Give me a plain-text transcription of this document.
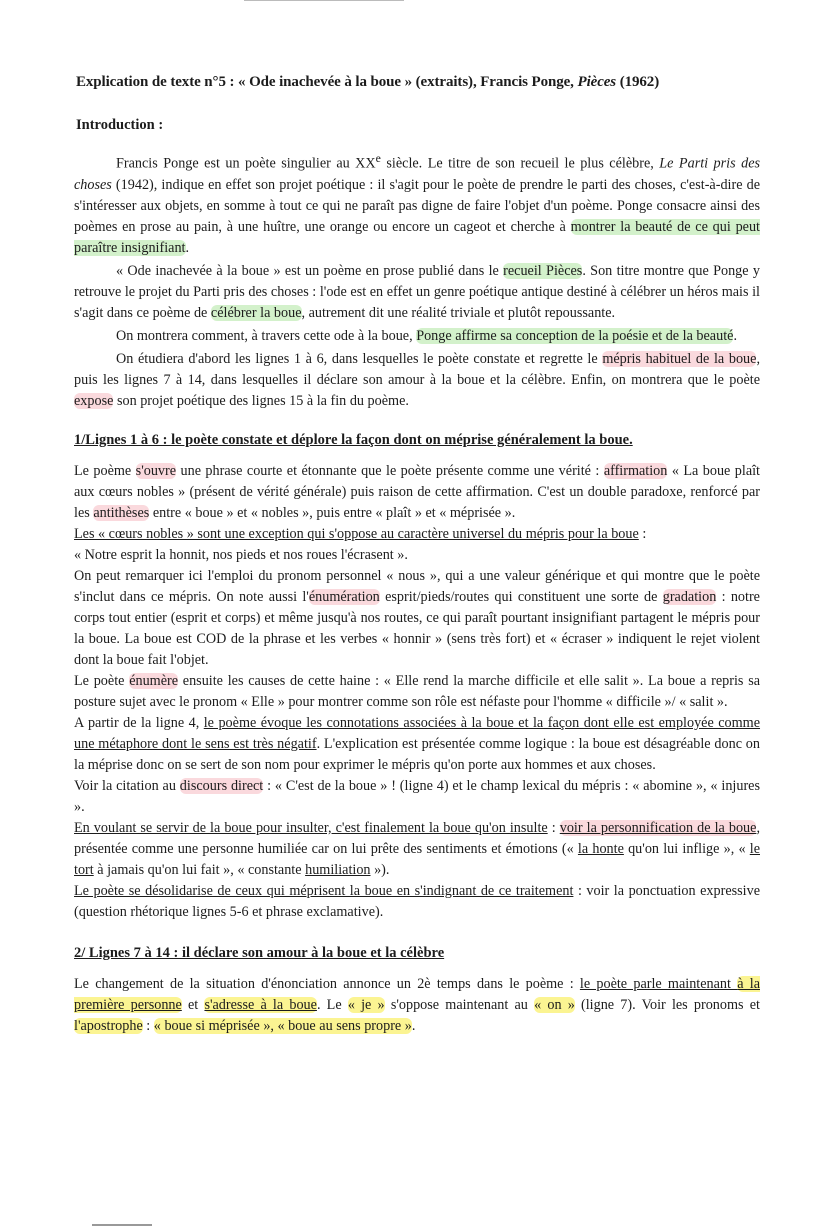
Explication de texte n°5 : « Ode inachevée à la boue » (extraits), Francis Ponge, Pièces (1962)
Introduction :

Francis Ponge est un poète singulier au XXe siècle. Le titre de son recueil le plus célèbre, Le Parti pris des choses (1942), indique en effet son projet poétique : il s'agit pour le poète de prendre le parti des choses, c'est-à-dire de s'intéresser aux objets, en somme à tout ce qui ne paraît pas digne de faire l'objet d'un poème. Ponge consacre ainsi des poèmes en prose au pain, à une huître, une orange ou encore un cageot et cherche à montrer la beauté de ce qui peut paraître insignifiant.

« Ode inachevée à la boue » est un poème en prose publié dans le recueil Pièces. Son titre montre que Ponge y retrouve le projet du Parti pris des choses : l'ode est en effet un genre poétique antique destiné à célébrer un héros mais il s'agit dans ce poème de célébrer la boue, autrement dit une réalité triviale et plutôt repoussante.

On montrera comment, à travers cette ode à la boue, Ponge affirme sa conception de la poésie et de la beauté.

On étudiera d'abord les lignes 1 à 6, dans lesquelles le poète constate et regrette le mépris habituel de la boue, puis les lignes 7 à 14, dans lesquelles il déclare son amour à la boue et la célèbre. Enfin, on montrera que le poète expose son projet poétique des lignes 15 à la fin du poème.

1/Lignes 1 à 6 : le poète constate et déplore la façon dont on méprise généralement la boue.

Le poème s'ouvre une phrase courte et étonnante que le poète présente comme une vérité : affirmation « La boue plaît aux cœurs nobles » (présent de vérité générale) puis raison de cette affirmation. C'est un double paradoxe, renforcé par les antithèses entre « boue » et « nobles », puis entre « plaît » et « méprisée ».

Les « cœurs nobles » sont une exception qui s'oppose au caractère universel du mépris pour la boue :

« Notre esprit la honnit, nos pieds et nos roues l'écrasent ».

On peut remarquer ici l'emploi du pronom personnel « nous », qui a une valeur générique et qui montre que le poète s'inclut dans ce mépris. On note aussi l'énumération esprit/pieds/routes qui constituent une sorte de gradation : notre corps tout entier (esprit et corps) et même jusqu'à nos routes, ce qui paraît pourtant insignifiant partagent le mépris pour la boue. La boue est COD de la phrase et les verbes « honnir » (sens très fort) et « écraser » indiquent le rejet violent dont la boue fait l'objet.

Le poète énumère ensuite les causes de cette haine : « Elle rend la marche difficile et elle salit ». La boue a repris sa posture sujet avec le pronom « Elle » pour montrer comme son rôle est néfaste pour l'homme « difficile »/ « salit ».

A partir de la ligne 4, le poème évoque les connotations associées à la boue et la façon dont elle est employée comme une métaphore dont le sens est très négatif. L'explication est présentée comme logique : la boue est désagréable donc on la méprise donc on se sert de son nom pour exprimer le mépris qu'on porte aux hommes et aux choses.

Voir la citation au discours direct : « C'est de la boue » ! (ligne 4) et le champ lexical du mépris : « abomine », « injures ».

En voulant se servir de la boue pour insulter, c'est finalement la boue qu'on insulte : voir la personnification de la boue, présentée comme une personne humiliée car on lui prête des sentiments et émotions (« la honte qu'on lui inflige », « le tort à jamais qu'on lui fait », « constante humiliation »).

Le poète se désolidarise de ceux qui méprisent la boue en s'indignant de ce traitement : voir la ponctuation expressive (question rhétorique lignes 5-6 et phrase exclamative).

2/ Lignes 7 à 14 : il déclare son amour à la boue et la célèbre

Le changement de la situation d'énonciation annonce un 2è temps dans le poème : le poète parle maintenant à la première personne et s'adresse à la boue. Le « je » s'oppose maintenant au « on » (ligne 7). Voir les pronoms et l'apostrophe : « boue si méprisée », « boue au sens propre ».
